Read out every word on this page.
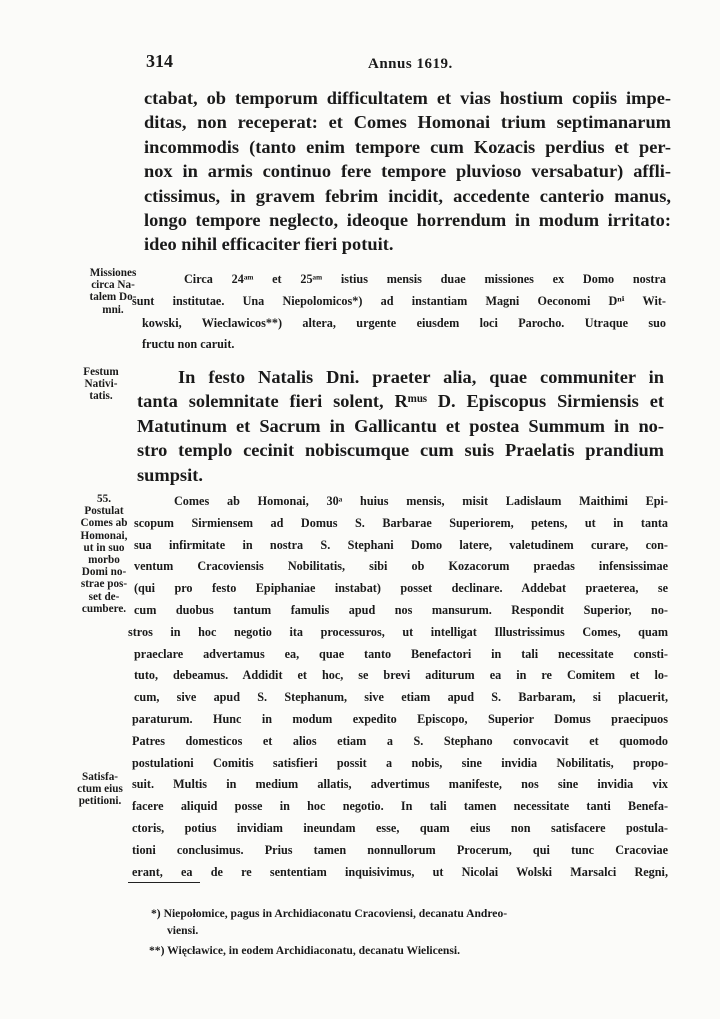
314	Annus 1619.
ctabat, ob temporum difficultatem et vias hostium copiis impe-
ditas, non receperat: et Comes Homonai trium septimanarum
incommodis (tanto enim tempore cum Kozacis perdius et per-
nox in armis continuo fere tempore pluvioso versabatur) affli-
ctissimus, in gravem febrim incidit, accedente canterio manus,
longo tempore neglecto, ideoque horrendum in modum irritato:
ideo nihil efficaciter fieri potuit.
Missiones
circa Na-
talem Do-
mni.
Circa 24ᵃᵐ et 25ᵃᵐ istius mensis duae missiones ex Domo nostra
sunt institutae. Una Niepolomicos*) ad instantiam Magni Oeconomi Dⁿⁱ Wit-
kowski, Wieclawicos**) altera, urgente eiusdem loci Parocho. Utraque suo
fructu non caruit.
Festum
Nativi-
tatis.
In festo Natalis Dni. praeter alia, quae communiter in
tanta solemnitate fieri solent, Rᵐᵘˢ D. Episcopus Sirmiensis et
Matutinum et Sacrum in Gallicantu et postea Summum in no-
stro templo cecinit nobiscumque cum suis Praelatis prandium
sumpsit.
55.
Postulat
Comes ab
Homonai,
ut in suo
morbo
Domi no-
strae pos-
set de-
cumbere.
Satisfa-
ctum eius
petitioni.
Comes ab Homonai, 30ᵃ huius mensis, misit Ladislaum Maithimi Epi-
scopum Sirmiensem ad Domus S. Barbarae Superiorem, petens, ut in tanta
sua infirmitate in nostra S. Stephani Domo latere, valetudinem curare, con-
ventum Cracoviensis Nobilitatis, sibi ob Kozacorum praedas infensissimae
(qui pro festo Epiphaniae instabat) posset declinare. Addebat praeterea, se
cum duobus tantum famulis apud nos mansurum. Respondit Superior, no-
stros in hoc negotio ita processuros, ut intelligat Illustrissimus Comes, quam
praeclare advertamus ea, quae tanto Benefactori in tali necessitate consti-
tuto, debeamus. Addidit et hoc, se brevi aditurum ea in re Comitem et lo-
cum, sive apud S. Stephanum, sive etiam apud S. Barbaram, si placuerit,
paraturum. Hunc in modum expedito Episcopo, Superior Domus praecipuos
Patres domesticos et alios etiam a S. Stephano convocavit et quomodo
postulationi Comitis satisfieri possit a nobis, sine invidia Nobilitatis, propo-
suit. Multis in medium allatis, advertimus manifeste, nos sine invidia vix
facere aliquid posse in hoc negotio. In tali tamen necessitate tanti Benefa-
ctoris, potius invidiam ineundam esse, quam eius non satisfacere postula-
tioni conclusimus. Prius tamen nonnullorum Procerum, qui tunc Cracoviae
erant, ea de re sententiam inquisivimus, ut Nicolai Wolski Marsalci Regni,
*) Niepołomice, pagus in Archidiaconatu Cracoviensi, decanatu Andreo-
viensi.
**) Więcławice, in eodem Archidiaconatu, decanatu Wielicensi.
